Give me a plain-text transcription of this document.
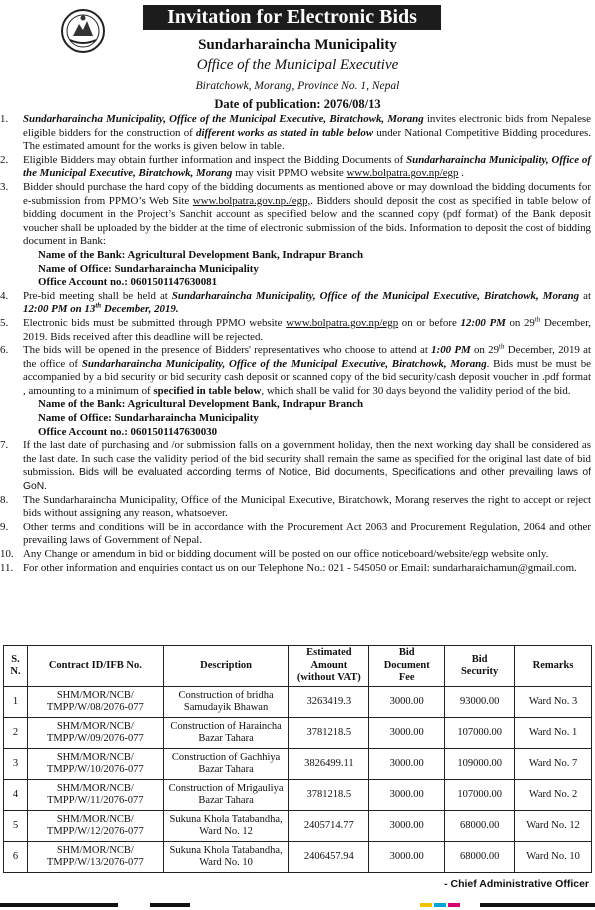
Invitation for Electronic Bids
Sundarharaincha Municipality
Office of the Municipal Executive
Biratchowk, Morang, Province No. 1, Nepal
Date of publication: 2076/08/13
1. Sundarharaincha Municipality, Office of the Municipal Executive, Biratchowk, Morang invites electronic bids from Nepalese eligible bidders for the construction of different works as stated in table below under National Competitive Bidding procedures. The estimated amount for the works is given below in table.
2. Eligible Bidders may obtain further information and inspect the Bidding Documents of Sundarharaincha Municipality, Office of the Municipal Executive, Biratchowk, Morang may visit PPMO website www.bolpatra.gov.np/egp .
3. Bidder should purchase the hard copy of the bidding documents as mentioned above or may download the bidding documents for e-submission from PPMO’s Web Site www.bolpatra.gov.np./egp,. Bidders should deposit the cost as specified in table below of bidding document in the Project’s Sanchit account as specified below and the scanned copy (pdf format) of the Bank deposit voucher shall be uploaded by the bidder at the time of electronic submission of the bids. Information to deposit the cost of bidding document in Bank:
Name of the Bank: Agricultural Development Bank, Indrapur Branch
Name of Office: Sundarharaincha Municipality
Office Account no.: 0601501147630081
4. Pre-bid meeting shall be held at Sundarharaincha Municipality, Office of the Municipal Executive, Biratchowk, Morang at 12:00 PM on 13th December, 2019.
5. Electronic bids must be submitted through PPMO website www.bolpatra.gov.np/egp on or before 12:00 PM on 29th December, 2019. Bids received after this deadline will be rejected.
6. The bids will be opened in the presence of Bidders' representatives who choose to attend at 1:00 PM on 29th December, 2019 at the office of Sundarharaincha Municipality, Office of the Municipal Executive, Biratchowk, Morang. Bids must be must be accompanied by a bid security or bid security cash deposit or scanned copy of the bid security/cash deposit voucher in .pdf format , amounting to a minimum of specified in table below, which shall be valid for 30 days beyond the validity period of the bid.
Name of the Bank: Agricultural Development Bank, Indrapur Branch
Name of Office: Sundarharaincha Municipality
Office Account no.: 0601501147630030
7. If the last date of purchasing and /or submission falls on a government holiday, then the next working day shall be considered as the last date. In such case the validity period of the bid security shall remain the same as specified for the original last date of bid submission. Bids will be evaluated according terms of Notice, Bid documents, Specifications and other prevailing laws of GoN.
8. The Sundarharaincha Municipality, Office of the Municipal Executive, Biratchowk, Morang reserves the right to accept or reject bids without assigning any reason, whatsoever.
9. Other terms and conditions will be in accordance with the Procurement Act 2063 and Procurement Regulation, 2064 and other prevailing laws of Government of Nepal.
10. Any Change or amendum in bid or bidding document will be posted on our office noticeboard/website/egp website only.
11. For other information and enquiries contact us on our Telephone No.: 021 - 545050 or Email: sundarharaichamun@gmail.com.
S.
N.	Contract ID/IFB No.	Description	Estimated
Amount
(without VAT)	Bid
Document
Fee	Bid
Security	Remarks
1	SHM/MOR/NCB/
TMPP/W/08/2076-077	Construction of bridha
Samudayik Bhawan	3263419.3	3000.00	93000.00	Ward No. 3
2	SHM/MOR/NCB/
TMPP/W/09/2076-077	Construction of Haraincha
Bazar Tahara	3781218.5	3000.00	107000.00	Ward No. 1
3	SHM/MOR/NCB/
TMPP/W/10/2076-077	Construction of Gachhiya
Bazar Tahara	3826499.11	3000.00	109000.00	Ward No. 7
4	SHM/MOR/NCB/
TMPP/W/11/2076-077	Construction of Mrigauliya
Bazar Tahara	3781218.5	3000.00	107000.00	Ward No. 2
5	SHM/MOR/NCB/
TMPP/W/12/2076-077	Sukuna Khola Tatabandha,
Ward No. 12	2405714.77	3000.00	68000.00	Ward No. 12
6	SHM/MOR/NCB/
TMPP/W/13/2076-077	Sukuna Khola Tatabandha,
Ward No. 10	2406457.94	3000.00	68000.00	Ward No. 10
- Chief Administrative Officer
